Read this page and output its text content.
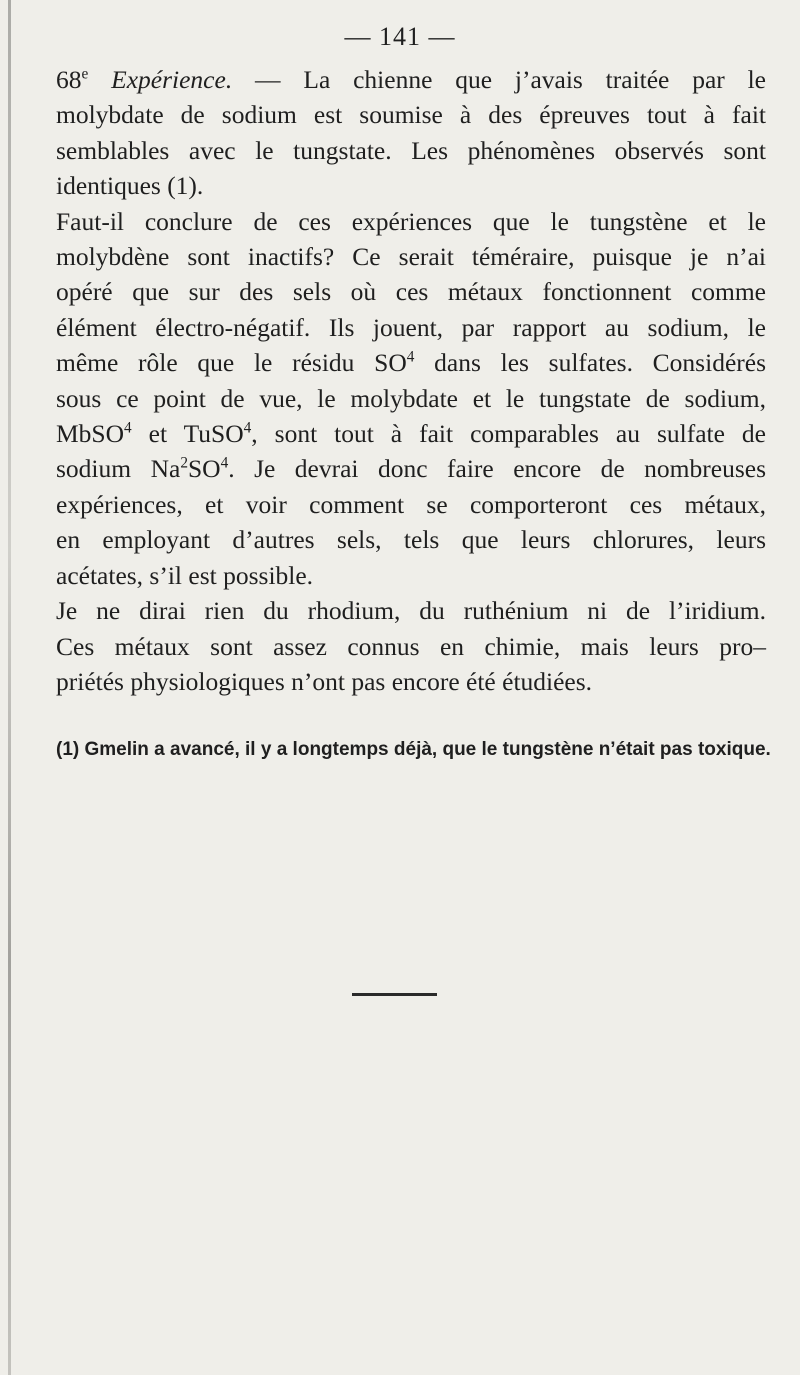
— 141 —

68e Expérience. — La chienne que j’avais traitée par le
molybdate de sodium est soumise à des épreuves tout à fait
semblables avec le tungstate. Les phénomènes observés sont
identiques (1).

Faut-il conclure de ces expériences que le tungstène et le
molybdène sont inactifs? Ce serait téméraire, puisque je n’ai
opéré que sur des sels où ces métaux fonctionnent comme
élément électro-négatif. Ils jouent, par rapport au sodium, le
même rôle que le résidu $SO^4$ dans les sulfates. Considérés
sous ce point de vue, le molybdate et le tungstate de sodium,
MbSO$^4$ et TuSO$^4$, sont tout à fait comparables au sulfate de
sodium $Na^2SO^4$. Je devrai donc faire encore de nombreuses
expériences, et voir comment se comporteront ces métaux,
en employant d’autres sels, tels que leurs chlorures, leurs
acétates, s’il est possible.

Je ne dirai rien du rhodium, du ruthénium ni de l’iridium.
Ces métaux sont assez connus en chimie, mais leurs pro–
priétés physiologiques n’ont pas encore été étudiées.

(1) Gmelin a avancé, il y a longtemps déjà, que le tungstène n’était pas toxique.
